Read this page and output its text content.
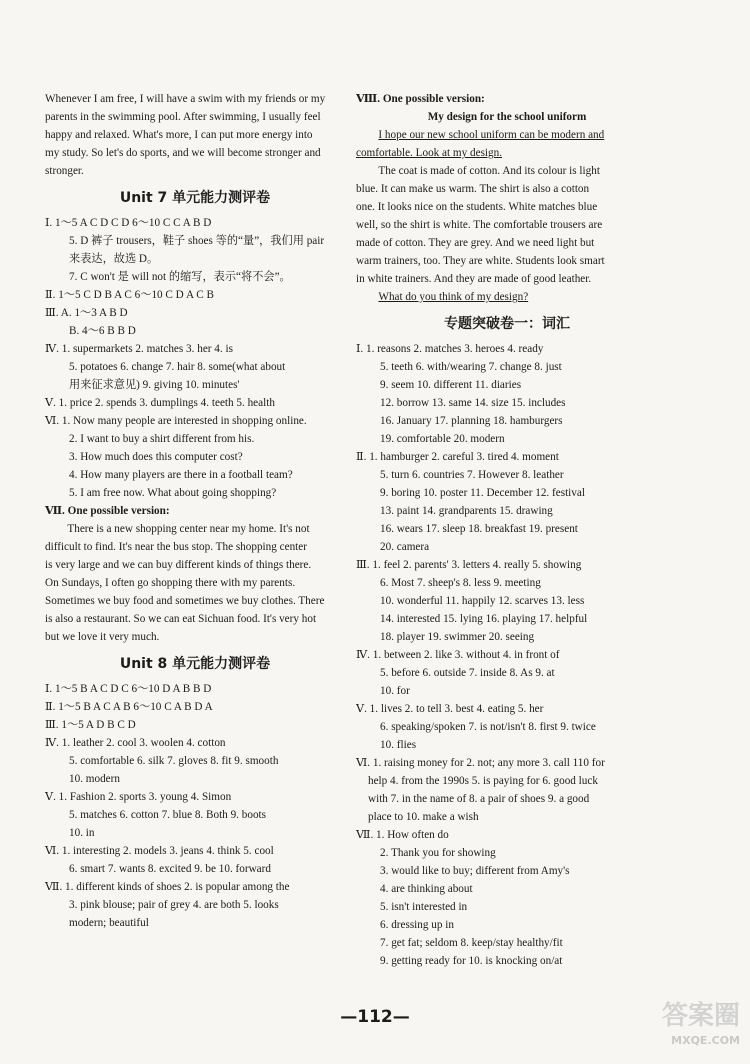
Whenever I am free, I will have a swim with my friends or my
parents in the swimming pool. After swimming, I usually feel
happy and relaxed. What's more, I can put more energy into
my study. So let's do sports, and we will become stronger and
stronger.
Unit 7 单元能力测评卷
Ⅰ. 1～5 A C D C D 6～10 C C A B D
5. D 裤子 trousers，鞋子 shoes 等的“量”，我们用 pair
来表达，故选 D。
7. C won't 是 will not 的缩写，表示“将不会”。
Ⅱ. 1～5 C D B A C 6～10 C D A C B
Ⅲ. A. 1～3 A B D
B. 4～6 B B D
Ⅳ. 1. supermarkets 2. matches 3. her 4. is
5. potatoes 6. change 7. hair 8. some(what about
用来征求意见) 9. giving 10. minutes'
Ⅴ. 1. price 2. spends 3. dumplings 4. teeth 5. health
Ⅵ. 1. Now many people are interested in shopping online.
2. I want to buy a shirt different from his.
3. How much does this computer cost?
4. How many players are there in a football team?
5. I am free now. What about going shopping?
Ⅶ. One possible version:
There is a new shopping center near my home. It's not
difficult to find. It's near the bus stop. The shopping center
is very large and we can buy different kinds of things there.
On Sundays, I often go shopping there with my parents.
Sometimes we buy food and sometimes we buy clothes. There
is also a restaurant. So we can eat Sichuan food. It's very hot
but we love it very much.
Unit 8 单元能力测评卷
Ⅰ. 1～5 B A C D C 6～10 D A B B D
Ⅱ. 1～5 B A C A B 6～10 C A B D A
Ⅲ. 1～5 A D B C D
Ⅳ. 1. leather 2. cool 3. woolen 4. cotton
5. comfortable 6. silk 7. gloves 8. fit 9. smooth
10. modern
Ⅴ. 1. Fashion 2. sports 3. young 4. Simon
5. matches 6. cotton 7. blue 8. Both 9. boots
10. in
Ⅵ. 1. interesting 2. models 3. jeans 4. think 5. cool
6. smart 7. wants 8. excited 9. be 10. forward
Ⅶ. 1. different kinds of shoes 2. is popular among the
3. pink blouse; pair of grey 4. are both 5. looks
modern; beautiful
Ⅷ. One possible version:
My design for the school uniform
I hope our new school uniform can be modern and
comfortable. Look at my design.
The coat is made of cotton. And its colour is light
blue. It can make us warm. The shirt is also a cotton
one. It looks nice on the students. White matches blue
well, so the shirt is white. The comfortable trousers are
made of cotton. They are grey. And we need light but
warm trainers, too. They are white. Students look smart
in white trainers. And they are made of good leather.
What do you think of my design?
专题突破卷一：词汇
Ⅰ. 1. reasons 2. matches 3. heroes 4. ready
5. teeth 6. with/wearing 7. change 8. just
9. seem 10. different 11. diaries
12. borrow 13. same 14. size 15. includes
16. January 17. planning 18. hamburgers
19. comfortable 20. modern
Ⅱ. 1. hamburger 2. careful 3. tired 4. moment
5. turn 6. countries 7. However 8. leather
9. boring 10. poster 11. December 12. festival
13. paint 14. grandparents 15. drawing
16. wears 17. sleep 18. breakfast 19. present
20. camera
Ⅲ. 1. feel 2. parents' 3. letters 4. really 5. showing
6. Most 7. sheep's 8. less 9. meeting
10. wonderful 11. happily 12. scarves 13. less
14. interested 15. lying 16. playing 17. helpful
18. player 19. swimmer 20. seeing
Ⅳ. 1. between 2. like 3. without 4. in front of
5. before 6. outside 7. inside 8. As 9. at
10. for
Ⅴ. 1. lives 2. to tell 3. best 4. eating 5. her
6. speaking/spoken 7. is not/isn't 8. first 9. twice
10. flies
Ⅵ. 1. raising money for 2. not; any more 3. call 110 for
help 4. from the 1990s 5. is paying for 6. good luck
with 7. in the name of 8. a pair of shoes 9. a good
place to 10. make a wish
Ⅶ. 1. How often do
2. Thank you for showing
3. would like to buy; different from Amy's
4. are thinking about
5. isn't interested in
6. dressing up in
7. get fat; seldom 8. keep/stay healthy/fit
9. getting ready for 10. is knocking on/at
—112—	答案圈
MXQE.COM
